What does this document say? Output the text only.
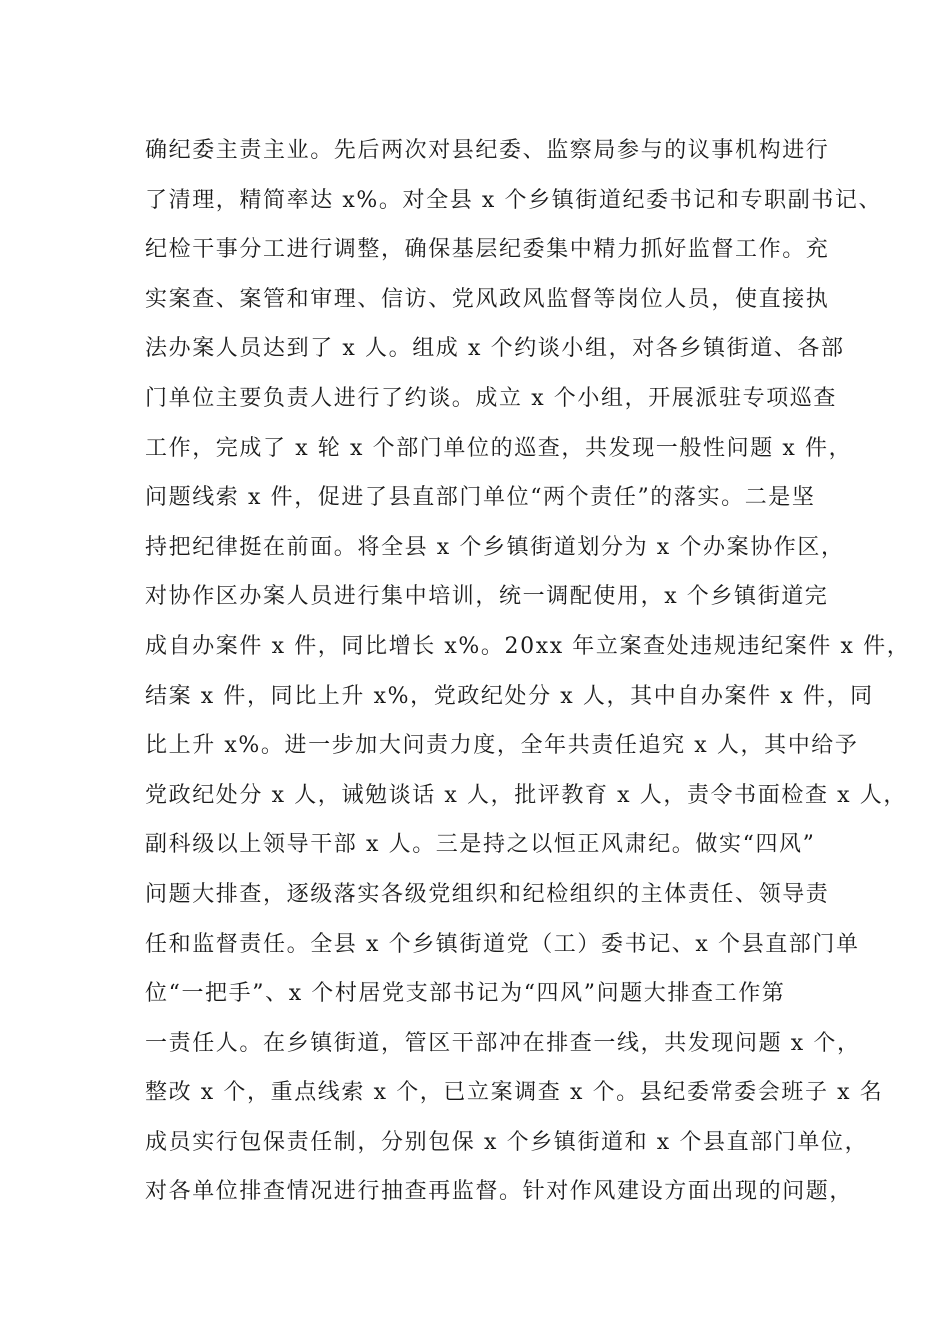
确纪委主责主业。先后两次对县纪委、监察局参与的议事机构进行
了清理，精简率达 x%。对全县 x 个乡镇街道纪委书记和专职副书记、
纪检干事分工进行调整，确保基层纪委集中精力抓好监督工作。充
实案查、案管和审理、信访、党风政风监督等岗位人员，使直接执
法办案人员达到了 x 人。组成 x 个约谈小组，对各乡镇街道、各部
门单位主要负责人进行了约谈。成立 x 个小组，开展派驻专项巡查
工作，完成了 x 轮 x 个部门单位的巡查，共发现一般性问题 x 件，
问题线索 x 件，促进了县直部门单位“两个责任”的落实。二是坚
持把纪律挺在前面。将全县 x 个乡镇街道划分为 x 个办案协作区，
对协作区办案人员进行集中培训，统一调配使用，x 个乡镇街道完
成自办案件 x 件，同比增长 x%。20xx 年立案查处违规违纪案件 x 件，
结案 x 件，同比上升 x%，党政纪处分 x 人，其中自办案件 x 件，同
比上升 x%。进一步加大问责力度，全年共责任追究 x 人，其中给予
党政纪处分 x 人，诫勉谈话 x 人，批评教育 x 人，责令书面检查 x 人，
副科级以上领导干部 x 人。三是持之以恒正风肃纪。做实“四风”
问题大排查，逐级落实各级党组织和纪检组织的主体责任、领导责
任和监督责任。全县 x 个乡镇街道党（工）委书记、x 个县直部门单
位“一把手”、x 个村居党支部书记为“四风”问题大排查工作第
一责任人。在乡镇街道，管区干部冲在排查一线，共发现问题 x 个，
整改 x 个，重点线索 x 个，已立案调查 x 个。县纪委常委会班子 x 名
成员实行包保责任制，分别包保 x 个乡镇街道和 x 个县直部门单位，
对各单位排查情况进行抽查再监督。针对作风建设方面出现的问题，
